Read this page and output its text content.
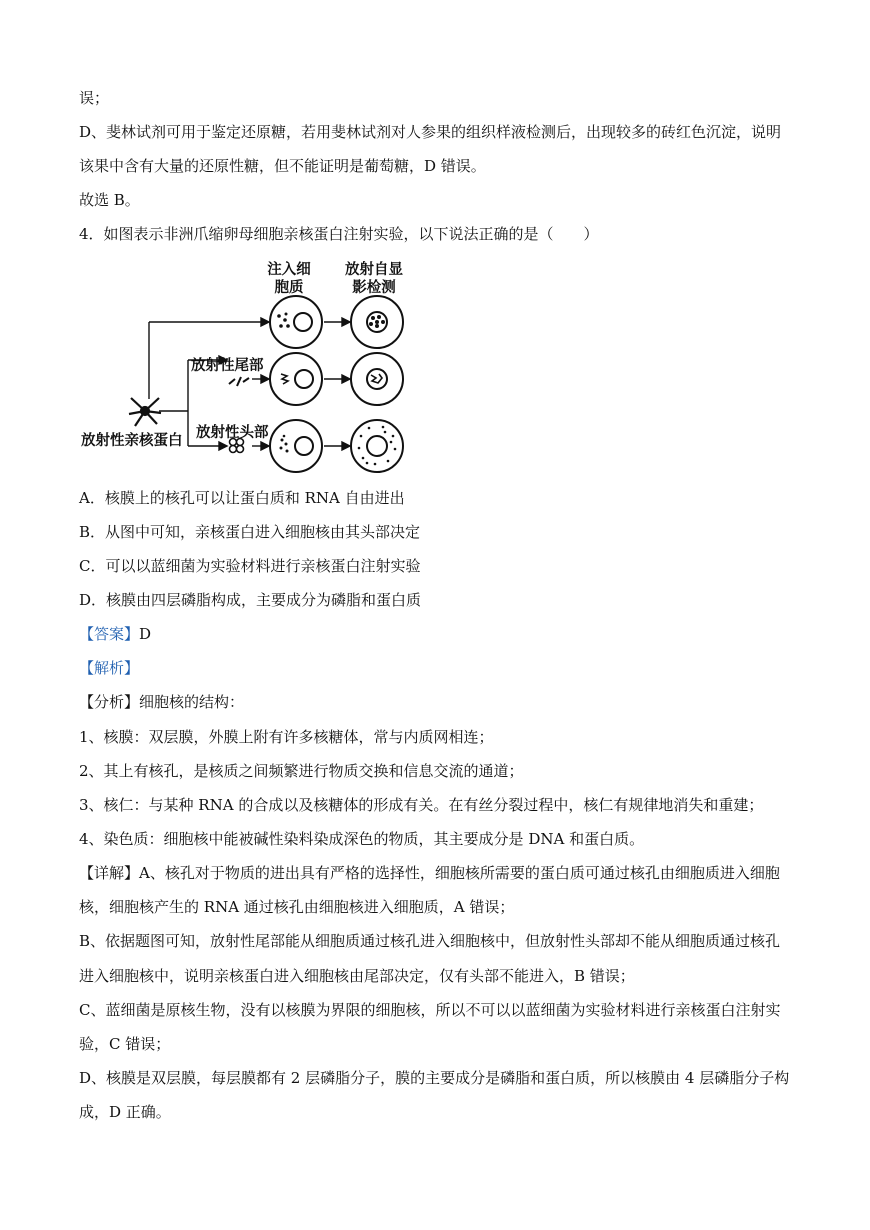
误；
D、斐林试剂可用于鉴定还原糖，若用斐林试剂对人参果的组织样液检测后，出现较多的砖红色沉淀，说明
该果中含有大量的还原性糖，但不能证明是葡萄糖，D 错误。
故选 B。
4．如图表示非洲爪缩卵母细胞亲核蛋白注射实验，以下说法正确的是（　　）
注入细
胞质
放射自显
影检测
放射性尾部
放射性头部
放射性亲核蛋白
A．核膜上的核孔可以让蛋白质和 RNA 自由进出
B．从图中可知，亲核蛋白进入细胞核由其头部决定
C．可以以蓝细菌为实验材料进行亲核蛋白注射实验
D．核膜由四层磷脂构成，主要成分为磷脂和蛋白质
【答案】D
【解析】
【分析】细胞核的结构：
1、核膜：双层膜，外膜上附有许多核糖体，常与内质网相连；
2、其上有核孔，是核质之间频繁进行物质交换和信息交流的通道；
3、核仁：与某种 RNA 的合成以及核糖体的形成有关。在有丝分裂过程中，核仁有规律地消失和重建；
4、染色质：细胞核中能被碱性染料染成深色的物质，其主要成分是 DNA 和蛋白质。
【详解】A、核孔对于物质的进出具有严格的选择性，细胞核所需要的蛋白质可通过核孔由细胞质进入细胞
核，细胞核产生的 RNA 通过核孔由细胞核进入细胞质，A 错误；
B、依据题图可知，放射性尾部能从细胞质通过核孔进入细胞核中，但放射性头部却不能从细胞质通过核孔
进入细胞核中，说明亲核蛋白进入细胞核由尾部决定，仅有头部不能进入，B 错误；
C、蓝细菌是原核生物，没有以核膜为界限的细胞核，所以不可以以蓝细菌为实验材料进行亲核蛋白注射实
验，C 错误；
D、核膜是双层膜，每层膜都有 2 层磷脂分子，膜的主要成分是磷脂和蛋白质，所以核膜由 4 层磷脂分子构
成，D 正确。
